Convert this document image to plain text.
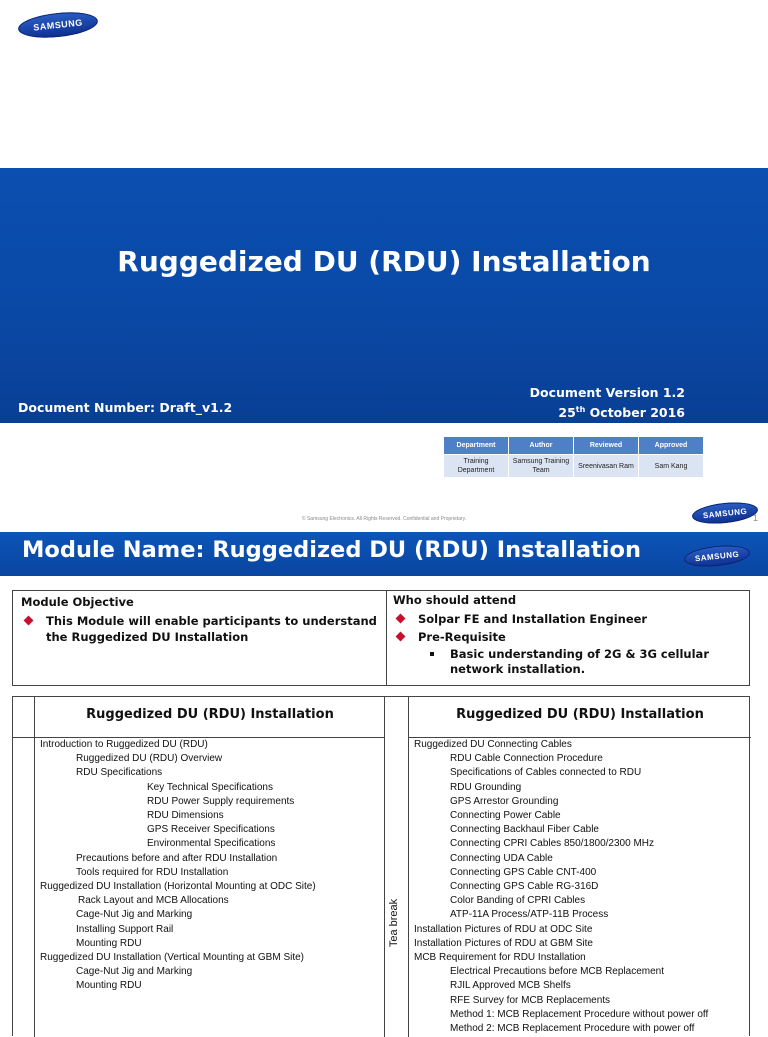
SAMSUNG
Ruggedized DU (RDU) Installation
Document Number: Draft_v1.2
Document Version 1.2
25th October 2016
Department	Author	Reviewed	Approved
Training Department	Samsung Training Team	Sreenivasan Ram	Sam Kang
© Samsung Electronics. All Rights Reserved. Confidential and Proprietary.	SAMSUNG 1
Module Name: Ruggedized DU (RDU) Installation	SAMSUNG
Module Objective
This Module will enable participants to understand the Ruggedized DU Installation
Who should attend
Solpar FE and Installation Engineer
Pre-Requisite
Basic understanding of 2G & 3G cellular network installation.
Ruggedized DU (RDU) Installation	Ruggedized DU (RDU) Installation
Introduction to Ruggedized DU (RDU)
Ruggedized DU (RDU) Overview
RDU Specifications
Key Technical Specifications
RDU Power Supply requirements
RDU Dimensions
GPS Receiver Specifications
Environmental Specifications
Precautions before and after RDU Installation
Tools required for RDU Installation
Ruggedized DU Installation (Horizontal Mounting at ODC Site)
Rack Layout and MCB Allocations
Cage-Nut Jig and Marking
Installing Support Rail
Mounting RDU
Ruggedized DU Installation (Vertical Mounting at GBM Site)
Cage-Nut Jig and Marking
Mounting RDU
Tea break
Ruggedized DU Connecting Cables
RDU Cable Connection Procedure
Specifications of Cables connected to RDU
RDU Grounding
GPS Arrestor Grounding
Connecting Power Cable
Connecting Backhaul Fiber Cable
Connecting CPRI Cables 850/1800/2300 MHz
Connecting UDA Cable
Connecting GPS Cable CNT-400
Connecting GPS Cable RG-316D
Color Banding of CPRI Cables
ATP-11A Process/ATP-11B Process
Installation Pictures of RDU at ODC Site
Installation Pictures of RDU at GBM Site
MCB Requirement for RDU Installation
Electrical Precautions before MCB Replacement
RJIL Approved MCB Shelfs
RFE Survey for MCB Replacements
Method 1: MCB Replacement Procedure without power off
Method 2: MCB Replacement Procedure with power off
